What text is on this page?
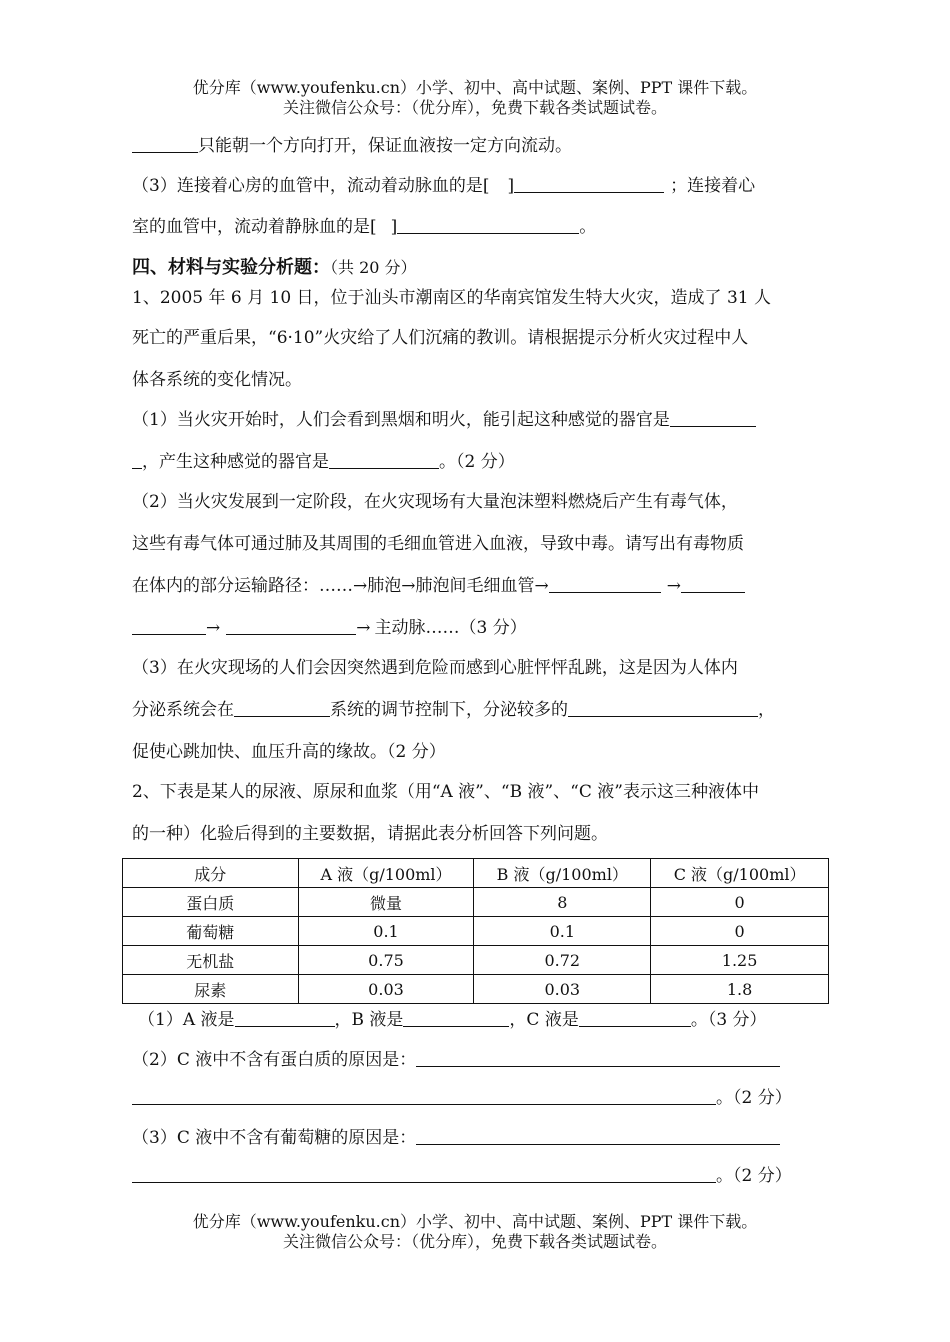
优分库（www.youfenku.cn）小学、初中、高中试题、案例、PPT 课件下载。
关注微信公众号：（优分库），免费下载各类试题试卷。
只能朝一个方向打开，保证血液按一定方向流动。
（3）连接着心房的血管中，流动着动脉血的是[ ]	；连接着心
室的血管中，流动着静脉血的是[ ]	。
四、材料与实验分析题：（共 20 分）
1、2005 年 6 月 10 日，位于汕头市潮南区的华南宾馆发生特大火灾，造成了 31 人
死亡的严重后果，“6·10”火灾给了人们沉痛的教训。请根据提示分析火灾过程中人
体各系统的变化情况。
（1）当火灾开始时，人们会看到黑烟和明火，能引起这种感觉的器官是
，产生这种感觉的器官是	。（2 分）
（2）当火灾发展到一定阶段，在火灾现场有大量泡沫塑料燃烧后产生有毒气体，
这些有毒气体可通过肺及其周围的毛细血管进入血液，导致中毒。请写出有毒物质
在体内的部分运输路径：……→肺泡→肺泡间毛细血管→	→
→	→ 主动脉……（3 分）
（3）在火灾现场的人们会因突然遇到危险而感到心脏怦怦乱跳，这是因为人体内
分泌系统会在	系统的调节控制下，分泌较多的	，
促使心跳加快、血压升高的缘故。（2 分）
2、下表是某人的尿液、原尿和血浆（用“A 液”、“B 液”、“C 液”表示这三种液体中
的一种）化验后得到的主要数据，请据此表分析回答下列问题。
成分	A 液（g/100ml）	B 液（g/100ml）	C 液（g/100ml）
蛋白质	微量	8	0
葡萄糖	0.1	0.1	0
无机盐	0.75	0.72	1.25
尿素	0.03	0.03	1.8
（1）A 液是	，B 液是	，C 液是	。（3 分）
（2）C 液中不含有蛋白质的原因是：
。（2 分）
（3）C 液中不含有葡萄糖的原因是：
。（2 分）
优分库（www.youfenku.cn）小学、初中、高中试题、案例、PPT 课件下载。
关注微信公众号：（优分库），免费下载各类试题试卷。
